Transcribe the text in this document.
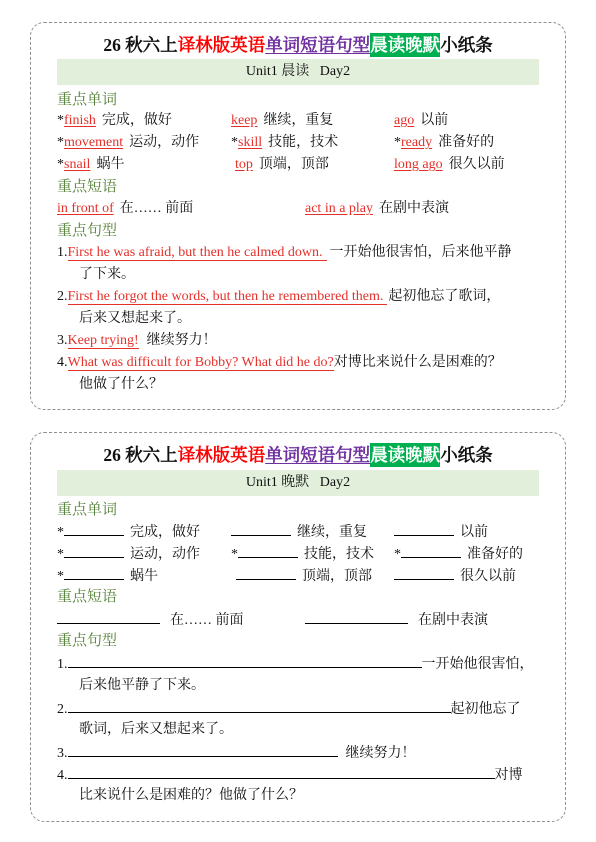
26 秋六上译林版英语单词短语句型晨读晚默小纸条
Unit1 晨读   Day2
重点单词
*finish 完成，做好	keep 继续，重复	ago 以前
*movement 运动，动作 *skill 技能，技术	*ready 准备好的
*snail 蜗牛	top 顶端，顶部	long ago 很久以前
重点短语
in front of 在…… 前面	act in a play 在剧中表演
重点句型
1.First he was afraid, but then he calmed down. 一开始他很害怕，后来他平静
了下来。
2.First he forgot the words, but then he remembered them. 起初他忘了歌词，
后来又想起来了。
3.Keep trying! 继续努力！
4.What was difficult for Bobby? What did he do?对博比来说什么是困难的？
他做了什么？
26 秋六上译林版英语单词短语句型晨读晚默小纸条
Unit1 晚默   Day2
重点单词
*	完成，做好	继续，重复	以前
*	运动，动作 *	技能，技术 *	准备好的
*	蜗牛	顶端，顶部	很久以前
重点短语
在…… 前面	在剧中表演
重点句型
1.	一开始他很害怕，
后来他平静了下来。
2.	起初他忘了
歌词，后来又想起来了。
3.	继续努力！
4.	对博
比来说什么是困难的？他做了什么？
